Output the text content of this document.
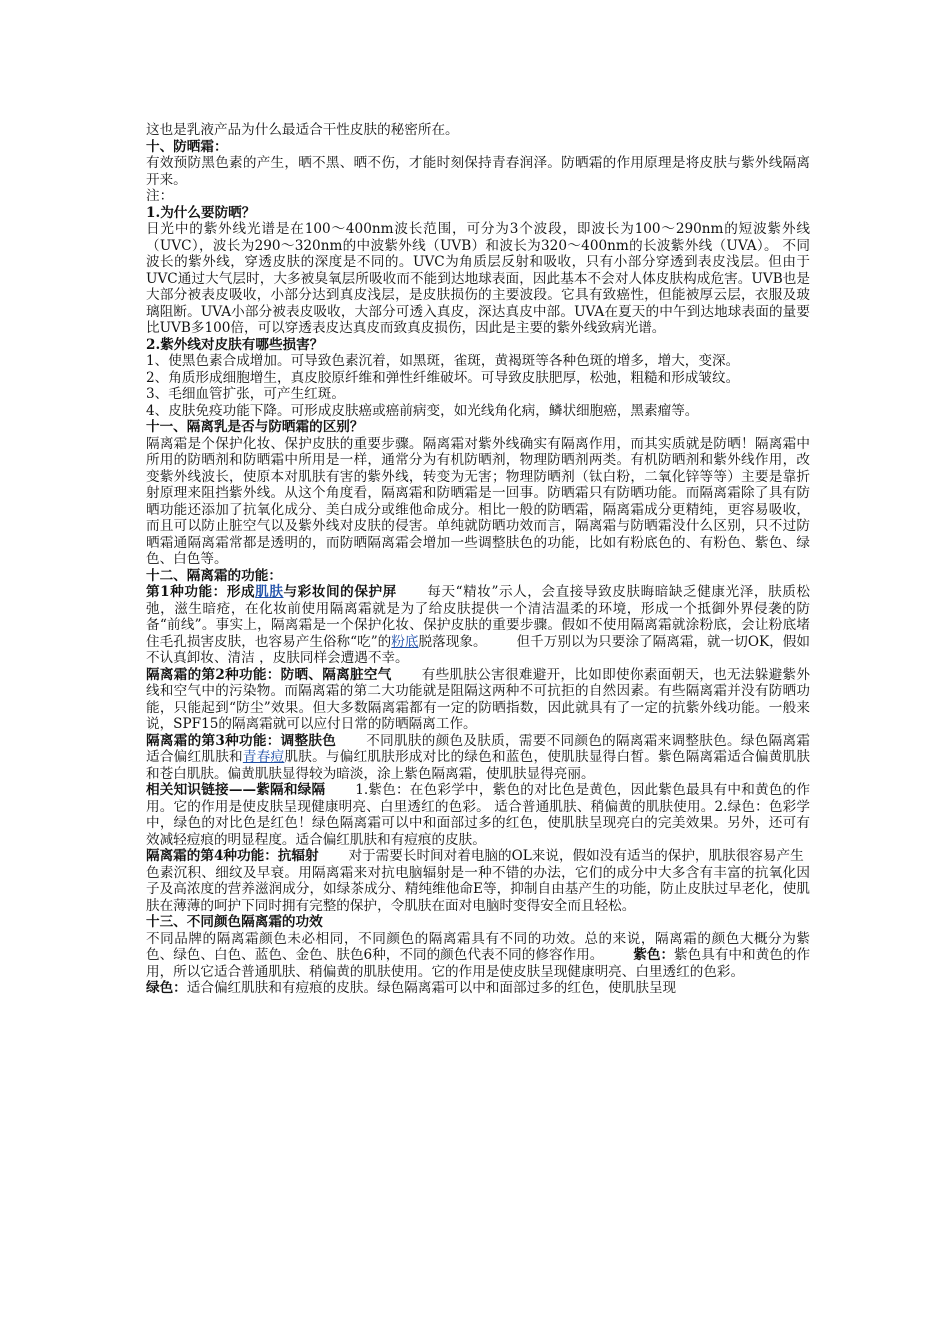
这也是乳液产品为什么最适合干性皮肤的秘密所在。

十、防晒霜：

有效预防黑色素的产生，晒不黑、晒不伤，才能时刻保持青春润泽。防晒霜的作用原理是将皮肤与紫外线隔离开来。

注：

1.为什么要防晒？

日光中的紫外线光谱是在100～400nm波长范围，可分为3个波段，即波长为100～290nm的短波紫外线（UVC），波长为290～320nm的中波紫外线（UVB）和波长为320～400nm的长波紫外线（UVA）。 不同波长的紫外线，穿透皮肤的深度是不同的。UVC为角质层反射和吸收，只有小部分穿透到表皮浅层。但由于UVC通过大气层时，大多被臭氧层所吸收而不能到达地球表面，因此基本不会对人体皮肤构成危害。UVB也是大部分被表皮吸收，小部分达到真皮浅层，是皮肤损伤的主要波段。它具有致癌性，但能被厚云层，衣服及玻璃阻断。UVA小部分被表皮吸收，大部分可透入真皮，深达真皮中部。UVA在夏天的中午到达地球表面的量要比UVB多100倍，可以穿透表皮达真皮而致真皮损伤，因此是主要的紫外线致病光谱。

2.紫外线对皮肤有哪些损害？

1、使黑色素合成增加。可导致色素沉着，如黑斑，雀斑，黄褐斑等各种色斑的增多，增大，变深。

2、角质形成细胞增生，真皮胶原纤维和弹性纤维破坏。可导致皮肤肥厚，松弛，粗糙和形成皱纹。

3、毛细血管扩张，可产生红斑。

4、皮肤免疫功能下降。可形成皮肤癌或癌前病变，如光线角化病，鳞状细胞癌，黑素瘤等。

十一、隔离乳是否与防晒霜的区别？

隔离霜是个保护化妆、保护皮肤的重要步骤。隔离霜对紫外线确实有隔离作用，而其实质就是防晒！隔离霜中所用的防晒剂和防晒霜中所用是一样，通常分为有机防晒剂，物理防晒剂两类。有机防晒剂和紫外线作用，改变紫外线波长，使原本对肌肤有害的紫外线，转变为无害；物理防晒剂（钛白粉，二氧化锌等等）主要是靠折射原理来阻挡紫外线。从这个角度看，隔离霜和防晒霜是一回事。防晒霜只有防晒功能。而隔离霜除了具有防晒功能还添加了抗氧化成分、美白成分或维他命成分。相比一般的防晒霜，隔离霜成分更精纯，更容易吸收，而且可以防止脏空气以及紫外线对皮肤的侵害。单纯就防晒功效而言，隔离霜与防晒霜没什么区别，只不过防晒霜通隔离霜常都是透明的，而防晒隔离霜会增加一些调整肤色的功能，比如有粉底色的、有粉色、紫色、绿色、白色等。

十二、隔离霜的功能：

第1种功能：形成肌肤与彩妆间的保护屏 每天“精妆”示人，会直接导致皮肤晦暗缺乏健康光泽，肤质松弛，滋生暗疮，在化妆前使用隔离霜就是为了给皮肤提供一个清洁温柔的环境，形成一个抵御外界侵袭的防备“前线”。事实上，隔离霜是一个保护化妆、保护皮肤的重要步骤。假如不使用隔离霜就涂粉底，会让粉底堵住毛孔损害皮肤，也容易产生俗称“吃”的粉底脱落现象。 但千万别以为只要涂了隔离霜，就一切OK，假如不认真卸妆、清洁 ，皮肤同样会遭遇不幸。

隔离霜的第2种功能：防晒、隔离脏空气 有些肌肤公害很难避开，比如即使你素面朝天，也无法躲避紫外线和空气中的污染物。而隔离霜的第二大功能就是阻隔这两种不可抗拒的自然因素。有些隔离霜并没有防晒功能，只能起到“防尘”效果。但大多数隔离霜都有一定的防晒指数，因此就具有了一定的抗紫外线功能。一般来说，SPF15的隔离霜就可以应付日常的防晒隔离工作。

隔离霜的第3种功能：调整肤色 不同肌肤的颜色及肤质，需要不同颜色的隔离霜来调整肤色。绿色隔离霜适合偏红肌肤和青春痘肌肤。与偏红肌肤形成对比的绿色和蓝色，使肌肤显得白皙。紫色隔离霜适合偏黄肌肤和苍白肌肤。偏黄肌肤显得较为暗淡，涂上紫色隔离霜，使肌肤显得亮丽。

相关知识链接——紫隔和绿隔 1.紫色：在色彩学中，紫色的对比色是黄色，因此紫色最具有中和黄色的作用。它的作用是使皮肤呈现健康明亮、白里透红的色彩。 适合普通肌肤、稍偏黄的肌肤使用。2.绿色：色彩学中，绿色的对比色是红色！绿色隔离霜可以中和面部过多的红色，使肌肤呈现亮白的完美效果。另外，还可有效减轻痘痕的明显程度。适合偏红肌肤和有痘痕的皮肤。

隔离霜的第4种功能：抗辐射 对于需要长时间对着电脑的OL来说，假如没有适当的保护，肌肤很容易产生

色素沉积、细纹及早衰。用隔离霜来对抗电脑辐射是一种不错的办法，它们的成分中大多含有丰富的抗氧化因子及高浓度的营养滋润成分，如绿茶成分、精纯维他命E等，抑制自由基产生的功能，防止皮肤过早老化，使肌肤在薄薄的呵护下同时拥有完整的保护，令肌肤在面对电脑时变得安全而且轻松。

十三、不同颜色隔离霜的功效

不同品牌的隔离霜颜色未必相同，不同颜色的隔离霜具有不同的功效。总的来说，隔离霜的颜色大概分为紫色、绿色、白色、蓝色、金色、肤色6种，不同的颜色代表不同的修容作用。 紫色：紫色具有中和黄色的作用，所以它适合普通肌肤、稍偏黄的肌肤使用。它的作用是使皮肤呈现健康明亮、白里透红的色彩。

绿色：适合偏红肌肤和有痘痕的皮肤。绿色隔离霜可以中和面部过多的红色，使肌肤呈现
